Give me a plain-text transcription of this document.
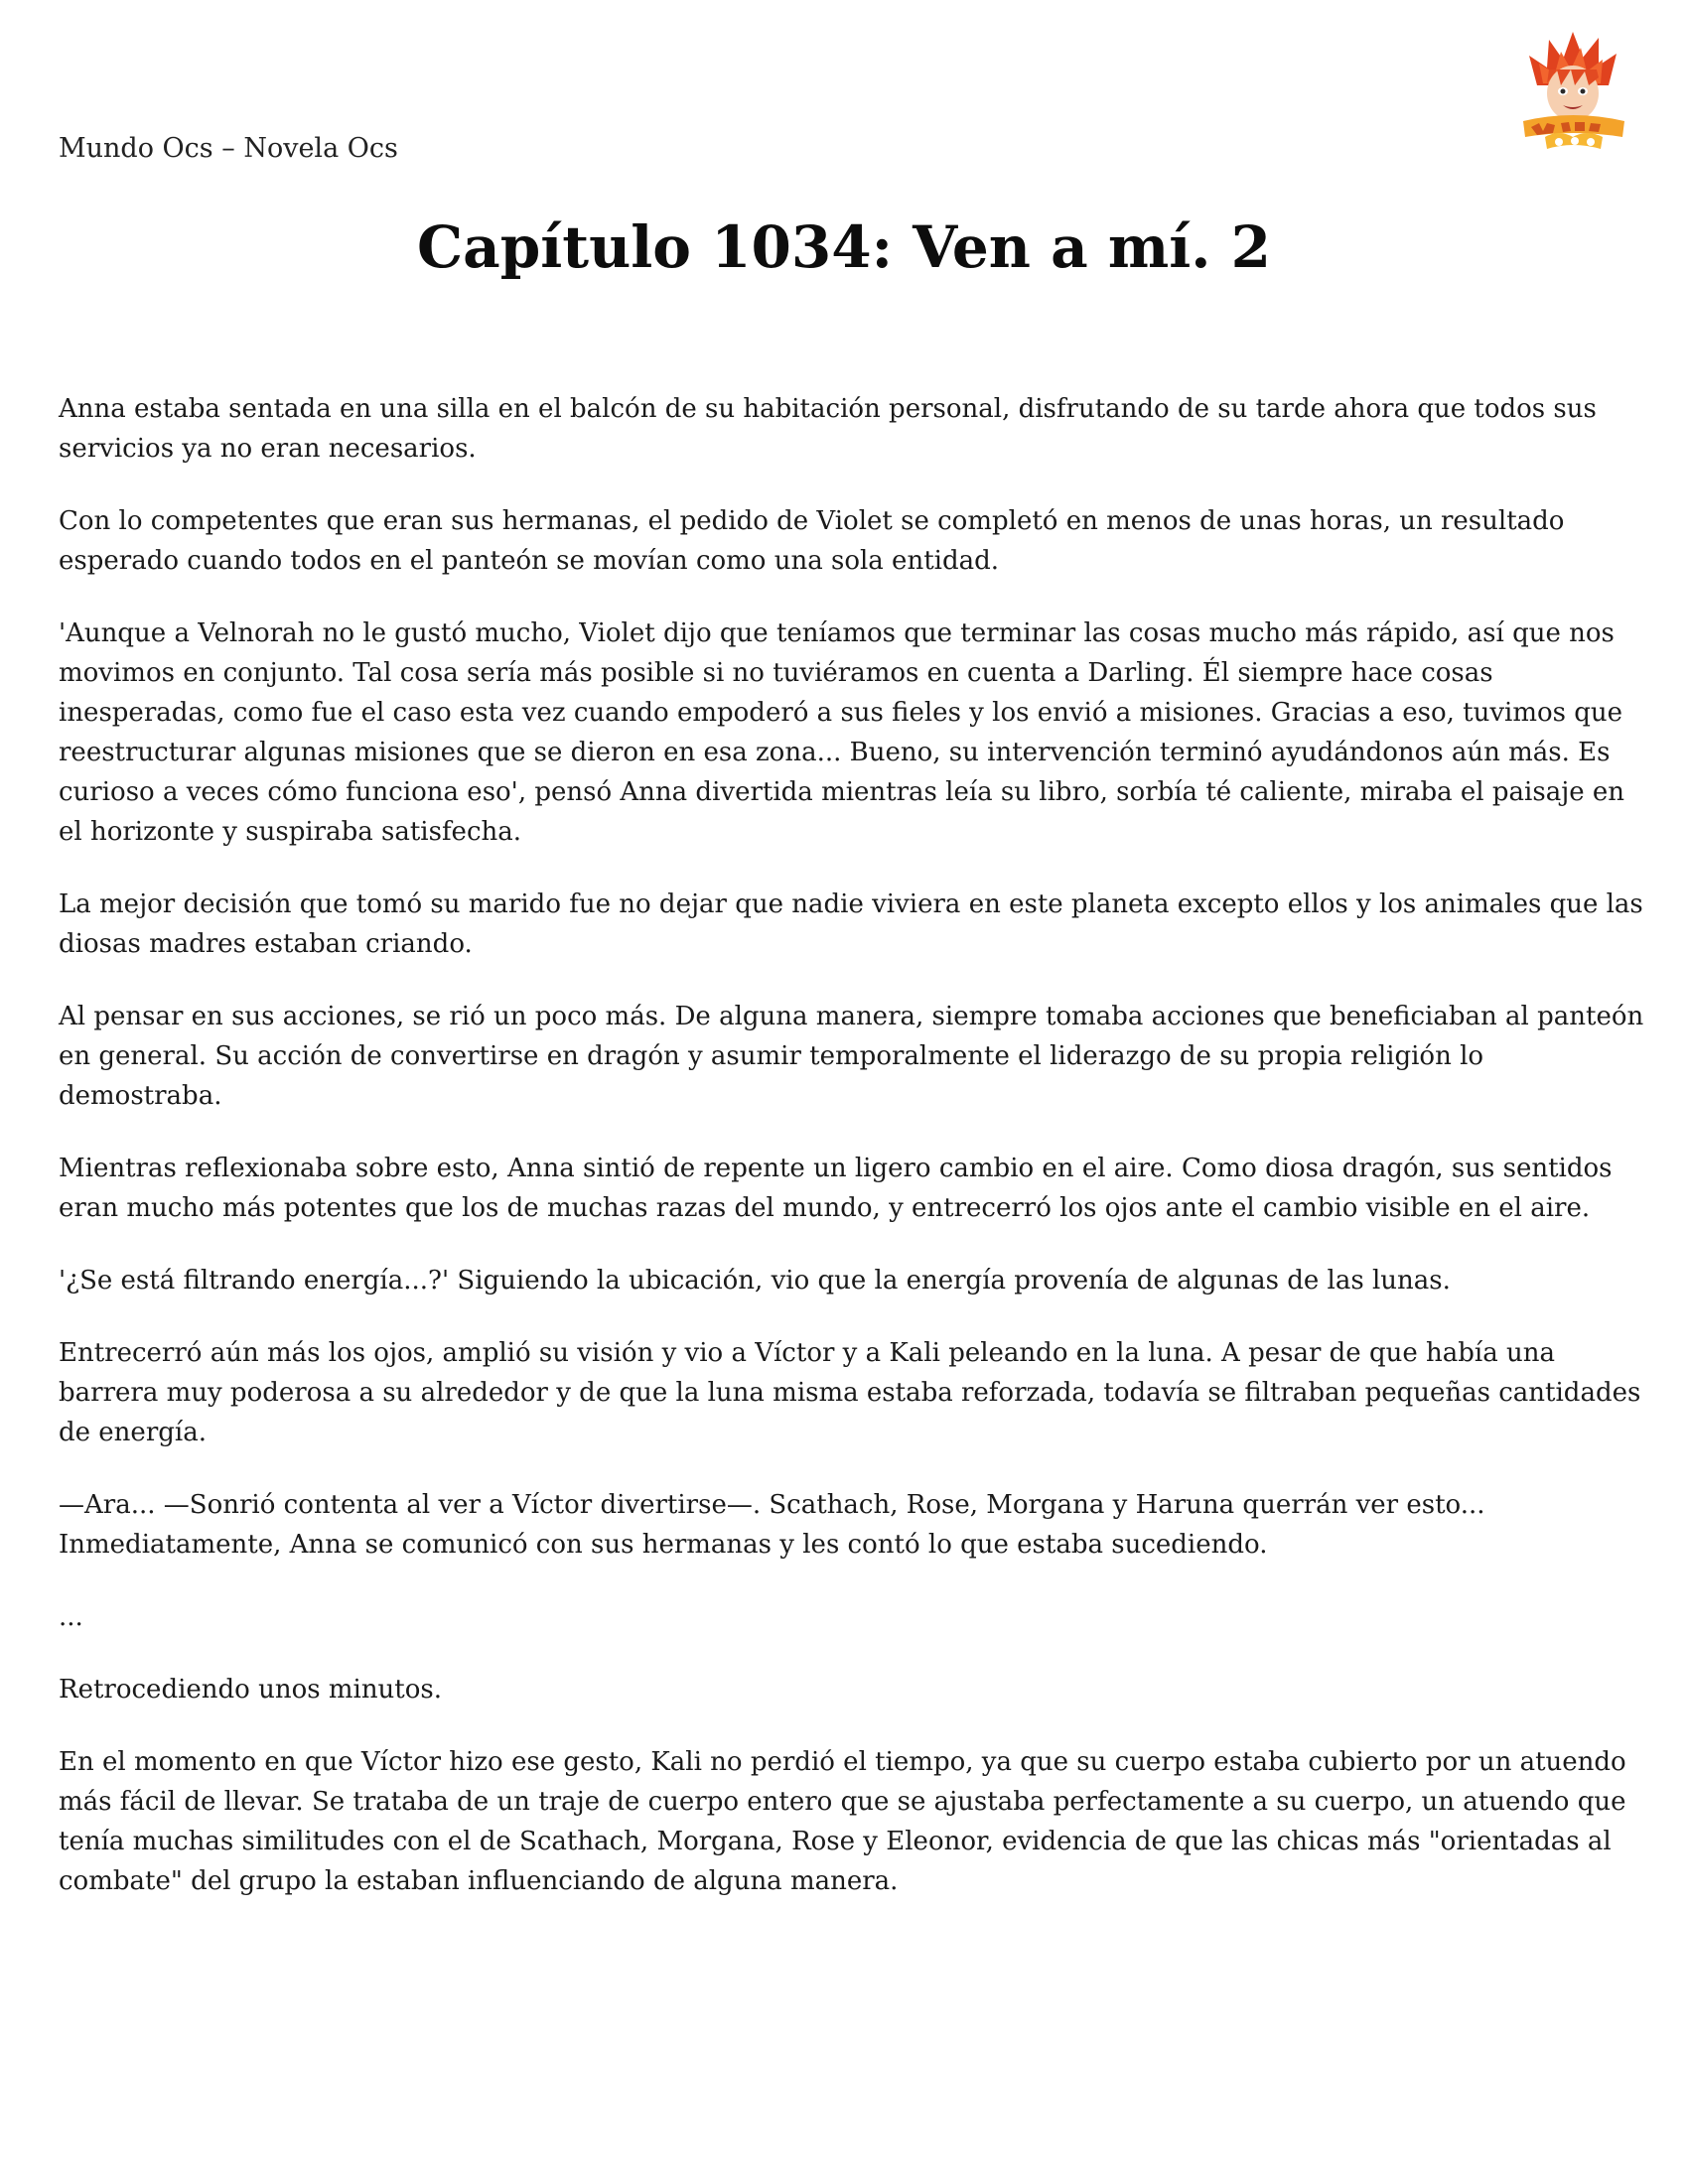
Mundo Ocs – Novela Ocs
Capítulo 1034: Ven a mí. 2

Anna estaba sentada en una silla en el balcón de su habitación personal, disfrutando de su tarde ahora que todos sus servicios ya no eran necesarios.

Con lo competentes que eran sus hermanas, el pedido de Violet se completó en menos de unas horas, un resultado esperado cuando todos en el panteón se movían como una sola entidad.

'Aunque a Velnorah no le gustó mucho, Violet dijo que teníamos que terminar las cosas mucho más rápido, así que nos movimos en conjunto. Tal cosa sería más posible si no tuviéramos en cuenta a Darling. Él siempre hace cosas inesperadas, como fue el caso esta vez cuando empoderó a sus fieles y los envió a misiones. Gracias a eso, tuvimos que reestructurar algunas misiones que se dieron en esa zona... Bueno, su intervención terminó ayudándonos aún más. Es curioso a veces cómo funciona eso', pensó Anna divertida mientras leía su libro, sorbía té caliente, miraba el paisaje en el horizonte y suspiraba satisfecha.

La mejor decisión que tomó su marido fue no dejar que nadie viviera en este planeta excepto ellos y los animales que las diosas madres estaban criando.

Al pensar en sus acciones, se rió un poco más. De alguna manera, siempre tomaba acciones que beneficiaban al panteón en general. Su acción de convertirse en dragón y asumir temporalmente el liderazgo de su propia religión lo demostraba.

Mientras reflexionaba sobre esto, Anna sintió de repente un ligero cambio en el aire. Como diosa dragón, sus sentidos eran mucho más potentes que los de muchas razas del mundo, y entrecerró los ojos ante el cambio visible en el aire.

'¿Se está filtrando energía...?' Siguiendo la ubicación, vio que la energía provenía de algunas de las lunas.

Entrecerró aún más los ojos, amplió su visión y vio a Víctor y a Kali peleando en la luna. A pesar de que había una barrera muy poderosa a su alrededor y de que la luna misma estaba reforzada, todavía se filtraban pequeñas cantidades de energía.

—Ara... —Sonrió contenta al ver a Víctor divertirse—. Scathach, Rose, Morgana y Haruna querrán ver esto... Inmediatamente, Anna se comunicó con sus hermanas y les contó lo que estaba sucediendo.

...

Retrocediendo unos minutos.

En el momento en que Víctor hizo ese gesto, Kali no perdió el tiempo, ya que su cuerpo estaba cubierto por un atuendo más fácil de llevar. Se trataba de un traje de cuerpo entero que se ajustaba perfectamente a su cuerpo, un atuendo que tenía muchas similitudes con el de Scathach, Morgana, Rose y Eleonor, evidencia de que las chicas más "orientadas al combate" del grupo la estaban influenciando de alguna manera.
